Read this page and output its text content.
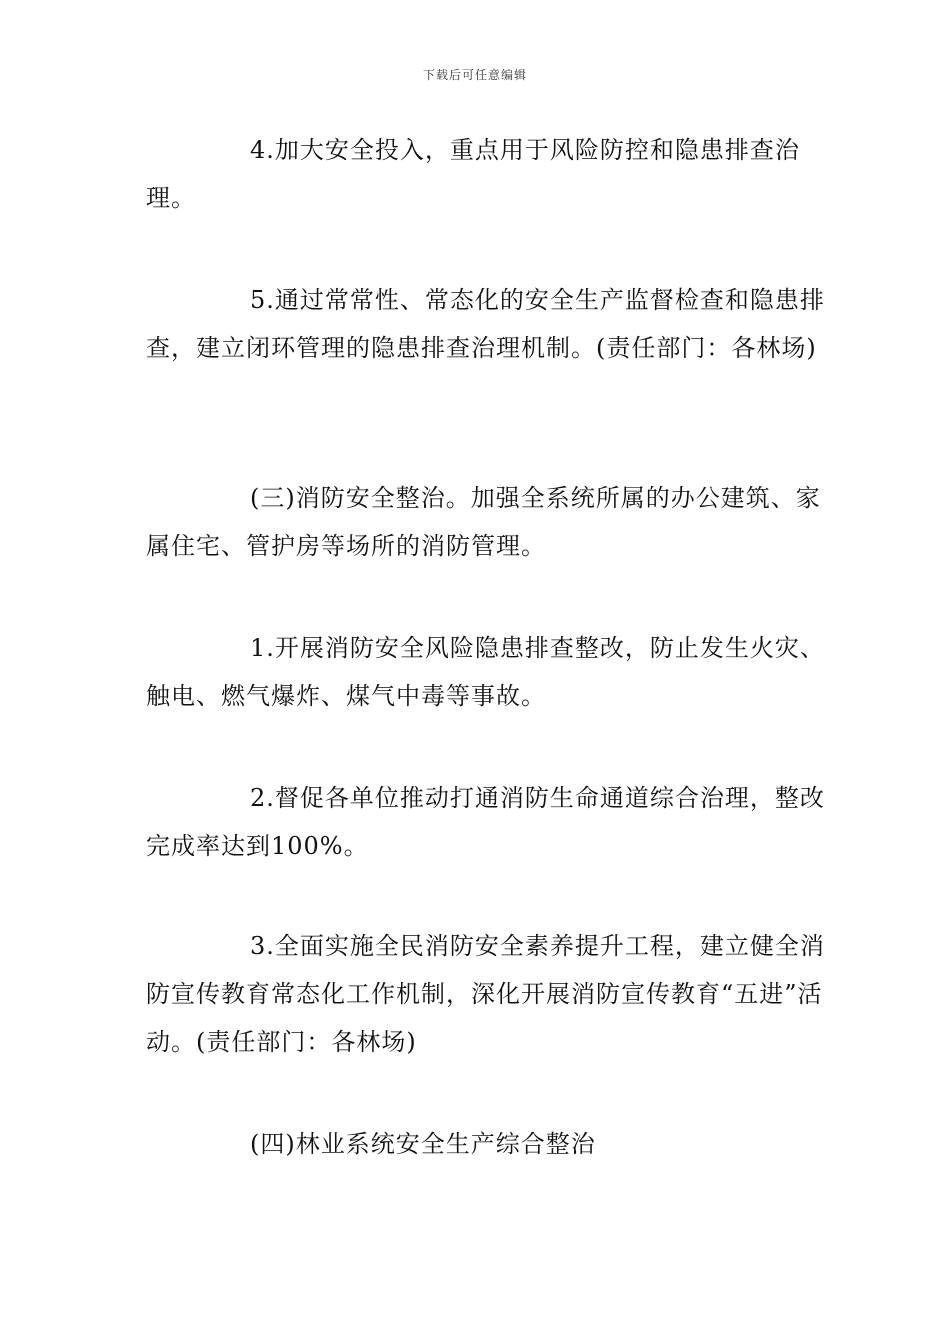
下载后可任意编辑
4.加大安全投入，重点用于风险防控和隐患排查治理。
5.通过常常性、常态化的安全生产监督检查和隐患排查，建立闭环管理的隐患排查治理机制。(责任部门：各林场)
(三)消防安全整治。加强全系统所属的办公建筑、家属住宅、管护房等场所的消防管理。
1.开展消防安全风险隐患排查整改，防止发生火灾、触电、燃气爆炸、煤气中毒等事故。
2.督促各单位推动打通消防生命通道综合治理，整改完成率达到100%。
3.全面实施全民消防安全素养提升工程，建立健全消防宣传教育常态化工作机制，深化开展消防宣传教育“五进”活动。(责任部门：各林场)
(四)林业系统安全生产综合整治
